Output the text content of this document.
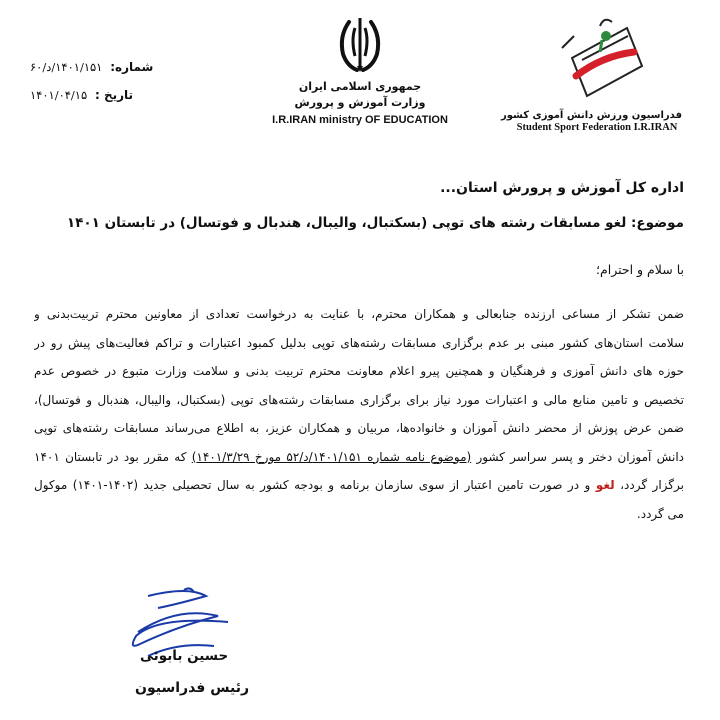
فدراسیون ورزش دانش آموزی کشور
Student Sport Federation I.R.IRAN
جمهوری اسلامی ایران
وزارت آموزش و پرورش
I.R.IRAN ministry OF EDUCATION
شماره: ۱۴۰۱/۱۵۱/د/۶۰
تاریخ : ۱۴۰۱/۰۴/۱۵
اداره کل آموزش و پرورش استان...
موضوع: لغو مسابقات رشته های توپی (بسکتبال، والیبال، هندبال و فوتسال) در تابستان ۱۴۰۱
با سلام و احترام؛
ضمن تشکر از مساعی ارزنده جنابعالی و همکاران محترم، با عنایت به درخواست تعدادی از معاونین محترم تربیت‌بدنی و
سلامت استان‌های کشور مبنی بر عدم برگزاری مسابقات رشته‌های توپی بدلیل کمبود اعتبارات و تراکم فعالیت‌های پیش رو در
حوزه های دانش آموزی و فرهنگیان و همچنین پیرو اعلام معاونت محترم تربیت بدنی و سلامت وزارت متبوع در خصوص عدم
تخصیص و تامین منابع مالی و اعتبارات مورد نیاز برای برگزاری مسابقات رشته‌های توپی (بسکتبال، والیبال، هندبال و فوتسال)،
ضمن عرض پوزش از محضر دانش آموزان و خانواده‌ها، مربیان و همکاران عزیز، به اطلاع می‌رساند مسابقات رشته‌های توپی
دانش آموزان دختر و پسر سراسر کشور (موضوع نامه شماره ۱۴۰۱/۱۵۱/د/۵۲ مورخ ۱۴۰۱/۳/۲۹) که مقرر بود در تابستان ۱۴۰۱
برگزار گردد، لغو و در صورت تامین اعتبار از سوی سازمان برنامه و بودجه کشور به سال تحصیلی جدید (۱۴۰۲-۱۴۰۱) موکول
می گردد.
حسین بابوئی
رئیس فدراسیون
